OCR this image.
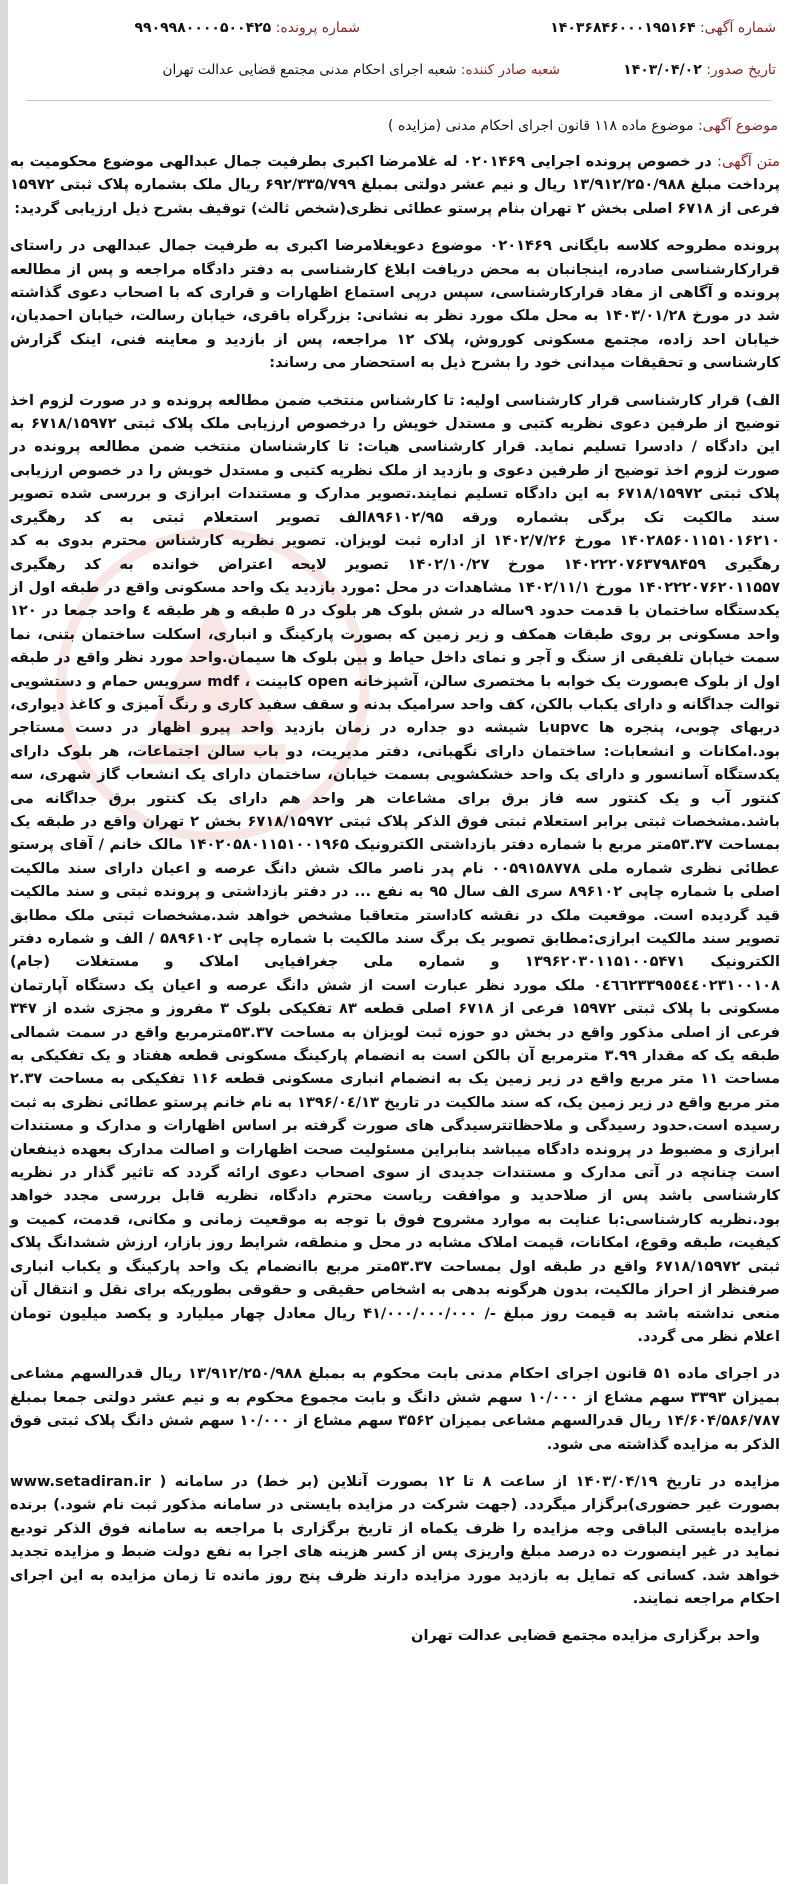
شماره آگهی: ۱۴۰۳۶۸۴۶۰۰۰۱۹۵۱۶۴
شماره پرونده: ۹۹۰۹۹۸۰۰۰۰۵۰۰۴۲۵
تاریخ صدور: ۱۴۰۳/۰۴/۰۲
شعبه صادر کننده: شعبه اجرای احکام مدنی مجتمع قضایی عدالت تهران
موضوع آگهی: موضوع ماده ۱۱۸ قانون اجرای احکام مدنی (مزایده )

متن آگهی: در خصوص پرونده اجرایی ۰۲۰۱۴۶۹ له غلامرضا اکبری بطرفیت جمال عبدالهی موضوع محکومیت به پرداخت مبلغ ۱۳/۹۱۲/۲۵۰/۹۸۸ ریال و نیم عشر دولتی بمبلغ ۶۹۲/۳۳۵/۷۹۹ ریال ملک بشماره پلاک ثبتی ۱۵۹۷۲ فرعی از ۶۷۱۸ اصلی بخش ۲ تهران بنام پرستو عطائی نظری(شخص ثالث) توقیف بشرح ذیل ارزیابی گردید:

پرونده مطروحه کلاسه بایگانی ۰۲۰۱۴۶۹ موضوع دعویغلامرضا اکبری به طرفیت جمال عبدالهی در راستای قرارکارشناسی صادره، اینجانبان به محض دریافت ابلاغ کارشناسی به دفتر دادگاه مراجعه و پس از مطالعه پرونده و آگاهی از مفاد قرارکارشناسی، سپس درپی استماع اظهارات و قراری که با اصحاب دعوی گذاشته شد در مورخ ۱۴۰۳/۰۱/۲۸ به محل ملک مورد نظر به نشانی: بزرگراه باقری، خیابان رسالت، خیابان احمدیان، خیابان احد زاده، مجتمع مسکونی کوروش، پلاک ۱۲ مراجعه، پس از بازدید و معاینه فنی، اینک گزارش کارشناسی و تحقیقات میدانی خود را بشرح ذیل به استحضار می رساند:

الف) قرار کارشناسی قرار کارشناسی اولیه: تا کارشناس منتخب ضمن مطالعه پرونده و در صورت لزوم اخذ توضیح از طرفین دعوی نظریه کتبی و مستدل خویش را درخصوص ارزیابی ملک پلاک ثبتی ۶۷۱۸/۱۵۹۷۲ به این دادگاه / دادسرا تسلیم نماید. قرار کارشناسی هیات: تا کارشناسان منتخب ضمن مطالعه پرونده در صورت لزوم اخذ توضیح از طرفین دعوی و بازدید از ملک نظریه کتبی و مستدل خویش را در خصوص ارزیابی پلاک ثبتی ۶۷۱۸/۱۵۹۷۲ به این دادگاه تسلیم نمایند.تصویر مدارک و مستندات ابرازی و بررسی شده تصویر سند مالکیت تک برگی بشماره ورقه ۸۹۶۱۰۲/۹۵الف تصویر استعلام ثبتی به کد رهگیری ۱۴۰۲۸۵۶۰۱۱۵۱۰۱۶۲۱۰ مورخ ۱۴۰۲/۷/۲۶ از اداره ثبت لویزان. تصویر نظریه کارشناس محترم بدوی به کد رهگیری ۱۴۰۲۲۲۰۷۶۳۷۹۸۴۵۹ مورخ ۱۴۰۲/۱۰/۲۷ تصویر لایحه اعتراض خوانده به کد رهگیری ۱۴۰۲۲۲۰۷۶۲۰۱۱۵۵۷ مورخ ۱۴۰۲/۱۱/۱ مشاهدات در محل :مورد بازدید یک واحد مسکونی واقع در طبقه اول از یکدستگاه ساختمان با قدمت حدود ۹ساله در شش بلوک هر بلوک در ۵ طبقه و هر طبقه ٤ واحد جمعا در ۱۲۰ واحد مسکونی بر روی طبقات همکف و زیر زمین که بصورت پارکینگ و انباری، اسکلت ساختمان بتنی، نما سمت خیابان تلفیقی از سنگ و آجر و نمای داخل حیاط و بین بلوک ها سیمان.واحد مورد نظر واقع در طبقه اول از بلوک eبصورت یک خوابه با مختصری سالن، آشپزخانه open کابینت ، mdf سرویس حمام و دستشویی توالت جداگانه و دارای یکباب بالکن، کف واحد سرامیک بدنه و سقف سفید کاری و رنگ آمیزی و کاغذ دیواری، دربهای چوبی، پنجره ها upvcبا شیشه دو جداره در زمان بازدید واحد پیرو اظهار در دست مستاجر بود.امکانات و انشعابات: ساختمان دارای نگهبانی، دفتر مدیریت، دو باب سالن اجتماعات، هر بلوک دارای یکدستگاه آسانسور و دارای یک واحد خشکشویی بسمت خیابان، ساختمان دارای یک انشعاب گاز شهری، سه کنتور آب و یک کنتور سه فاز برق برای مشاعات هر واحد هم دارای یک کنتور برق جداگانه می باشد.مشخصات ثبتی برابر استعلام ثبتی فوق الذکر پلاک ثبتی ۶۷۱۸/۱۵۹۷۲ بخش ۲ تهران واقع در طبقه یک بمساحت ۵۳.۳۷متر مربع با شماره دفتر بازداشتی الکترونیک ۱۴۰۲۰۵۸۰۱۱۵۱۰۰۱۹۶۵ مالک خانم / آقای پرستو عطائی نظری شماره ملی ۰۰۵۹۱۵۸۷۷۸ نام پدر ناصر مالک شش دانگ عرصه و اعیان دارای سند مالکیت اصلی با شماره چاپی ۸۹۶۱۰۲ سری الف سال ۹۵ به نفع ... در دفتر بازداشتی و پرونده ثبتی و سند مالکیت قید گردیده است. موقعیت ملک در نقشه کاداستر متعاقبا مشخص خواهد شد.مشخصات ثبتی ملک مطابق تصویر سند مالکیت ابرازی:مطابق تصویر یک برگ سند مالکیت با شماره چاپی ۵۸۹۶۱۰۲ / الف و شماره دفتر الکترونیک ۱۳۹۶۲۰۳۰۱۱۵۱۰۰۵۴۷۱ و شماره ملی جغرافیایی املاک و مستغلات (جام) ۰٤٦٦٢٣٣٩٥٥٤٤٠٢٣١٠٠١٠٨ ملک مورد نظر عبارت است از شش دانگ عرصه و اعیان یک دستگاه آپارتمان مسکونی با پلاک ثبتی ۱۵۹۷۲ فرعی از ۶۷۱۸ اصلی قطعه ۸۳ تفکیکی بلوک ۳ مفروز و مجزی شده از ۳۴۷ فرعی از اصلی مذکور واقع در بخش دو حوزه ثبت لویزان به مساحت ۵۳.۳۷مترمربع واقع در سمت شمالی طبقه یک که مقدار ۳.۹۹ مترمربع آن بالکن است به انضمام پارکینگ مسکونی قطعه هفتاد و یک تفکیکی به مساحت ۱۱ متر مربع واقع در زیر زمین یک به انضمام انباری مسکونی قطعه ۱۱۶ تفکیکی به مساحت ۲.۳۷ متر مربع واقع در زیر زمین یک، که سند مالکیت در تاریخ ۱۳۹۶/۰٤/۱۳ به نام خانم پرستو عطائی نظری به ثبت رسیده است.حدود رسیدگی و ملاحظاتترسیدگی های صورت گرفته بر اساس اظهارات و مدارک و مستندات ابرازی و مضبوط در پرونده دادگاه میباشد بنابراین مسئولیت صحت اظهارات و اصالت مدارک بعهده ذینفعان است چنانچه در آتی مدارک و مستندات جدیدی از سوی اصحاب دعوی ارائه گردد که تاثیر گذار در نظریه کارشناسی باشد پس از صلاحدید و موافقت ریاست محترم دادگاه، نظریه قابل بررسی مجدد خواهد بود.نظریه کارشناسی:با عنایت به موارد مشروح فوق با توجه به موقعیت زمانی و مکانی، قدمت، کمیت و کیفیت، طبقه وقوع، امکانات، قیمت املاک مشابه در محل و منطقه، شرایط روز بازار، ارزش ششدانگ پلاک ثبتی ۶۷۱۸/۱۵۹۷۲ واقع در طبقه اول بمساحت ۵۳.۳۷متر مربع باانضمام یک واحد پارکینگ و یکباب انباری صرفنظر از احراز مالکیت، بدون هرگونه بدهی به اشخاص حقیقی و حقوقی بطوریکه برای نقل و انتقال آن منعی نداشته باشد به قیمت روز مبلغ -/ ۴۱/۰۰۰/۰۰۰/۰۰۰ ریال معادل چهار میلیارد و یکصد میلیون تومان اعلام نظر می گردد.

در اجرای ماده ۵۱ قانون اجرای احکام مدنی بابت محکوم به بمبلغ ۱۳/۹۱۲/۲۵۰/۹۸۸ ریال قدرالسهم مشاعی بمیزان ۳۳۹۳ سهم مشاع از ۱۰/۰۰۰ سهم شش دانگ و بابت مجموع محکوم به و نیم عشر دولتی جمعا بمبلغ ۱۴/۶۰۴/۵۸۶/۷۸۷ ریال قدرالسهم مشاعی بمیزان ۳۵۶۲ سهم مشاع از ۱۰/۰۰۰ سهم شش دانگ پلاک ثبتی فوق الذکر به مزایده گذاشته می شود.

مزایده در تاریخ ۱۴۰۳/۰۴/۱۹ از ساعت ۸ تا ۱۲ بصورت آنلاین (بر خط) در سامانه ( www.setadiran.ir بصورت غیر حضوری)برگزار میگردد. (جهت شرکت در مزایده بایستی در سامانه مذکور ثبت نام شود.) برنده مزایده بایستی الباقی وجه مزایده را ظرف یکماه از تاریخ برگزاری با مراجعه به سامانه فوق الذکر تودیع نماید در غیر اینصورت ده درصد مبلغ واریزی پس از کسر هزینه های اجرا به نفع دولت ضبط و مزایده تجدید خواهد شد. کسانی که تمایل به بازدید مورد مزایده دارند ظرف پنج روز مانده تا زمان مزایده به این اجرای احکام مراجعه نمایند.

واحد برگزاری مزایده مجتمع قضایی عدالت تهران
